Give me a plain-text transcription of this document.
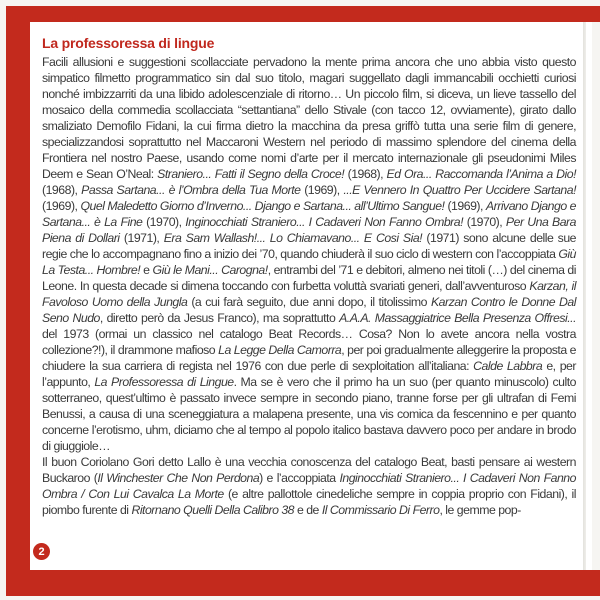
La professoressa di lingue

Facili allusioni e suggestioni scollacciate pervadono la mente prima ancora che uno abbia visto questo simpatico filmetto programmatico sin dal suo titolo, magari suggellato dagli immancabili occhietti curiosi nonché imbizzarriti da una libido adolescenziale di ritorno… Un piccolo film, si diceva, un lieve tassello del mosaico della commedia scollacciata “settantiana” dello Stivale (con tacco 12, ovviamente), girato dallo smaliziato Demofilo Fidani, la cui firma dietro la macchina da presa griffò tutta una serie film di genere, specializzandosi soprattutto nel Maccaroni Western nel periodo di massimo splendore del cinema della Frontiera nel nostro Paese, usando come nomi d’arte per il mercato internazionale gli pseudonimi Miles Deem e Sean O’Neal: Straniero... Fatti il Segno della Croce! (1968), Ed Ora... Raccomanda l’Anima a Dio! (1968), Passa Sartana... è l’Ombra della Tua Morte (1969), ...E Vennero In Quattro Per Uccidere Sartana! (1969), Quel Maledetto Giorno d’Inverno... Django e Sartana... all’Ultimo Sangue! (1969), Arrivano Django e Sartana... è La Fine (1970), Inginocchiati Straniero... I Cadaveri Non Fanno Ombra! (1970), Per Una Bara Piena di Dollari (1971), Era Sam Wallash!... Lo Chiamavano... E Cosi Sia! (1971) sono alcune delle sue regie che lo accompagnano fino a inizio dei ’70, quando chiuderà il suo ciclo di western con l’accoppiata Giù La Testa... Hombre! e Giù le Mani... Carogna!, entrambi del ’71 e debitori, almeno nei titoli (…) del cinema di Leone. In questa decade si dimena toccando con furbetta voluttà svariati generi, dall’avventuroso Karzan, il Favoloso Uomo della Jungla (a cui farà seguito, due anni dopo, il titolissimo Karzan Contro le Donne Dal Seno Nudo, diretto però da Jesus Franco), ma soprattutto A.A.A. Massaggiatrice Bella Presenza Offresi... del 1973 (ormai un classico nel catalogo Beat Records… Cosa? Non lo avete ancora nella vostra collezione?!), il drammone mafioso La Legge Della Camorra, per poi gradualmente alleggerire la proposta e chiudere la sua carriera di regista nel 1976 con due perle di sexploitation all’italiana: Calde Labbra e, per l’appunto, La Professoressa di Lingue. Ma se è vero che il primo ha un suo (per quanto minuscolo) culto sotterraneo, quest’ultimo è passato invece sempre in secondo piano, tranne forse per gli ultrafan di Femi Benussi, a causa di una sceneggiatura a malapena presente, una vis comica da fescennino e per quanto concerne l’erotismo, uhm, diciamo che al tempo al popolo italico bastava davvero poco per andare in brodo di giuggiole…

Il buon Coriolano Gori detto Lallo è una vecchia conoscenza del catalogo Beat, basti pensare ai western Buckaroo (Il Winchester Che Non Perdona) e l’accoppiata Inginocchiati Straniero... I Cadaveri Non Fanno Ombra / Con Lui Cavalca La Morte (e altre pallottole cinedeliche sempre in coppia proprio con Fidani), il piombo furente di Ritornano Quelli Della Calibro 38 e de Il Commissario Di Ferro, le gemme pop-

2
